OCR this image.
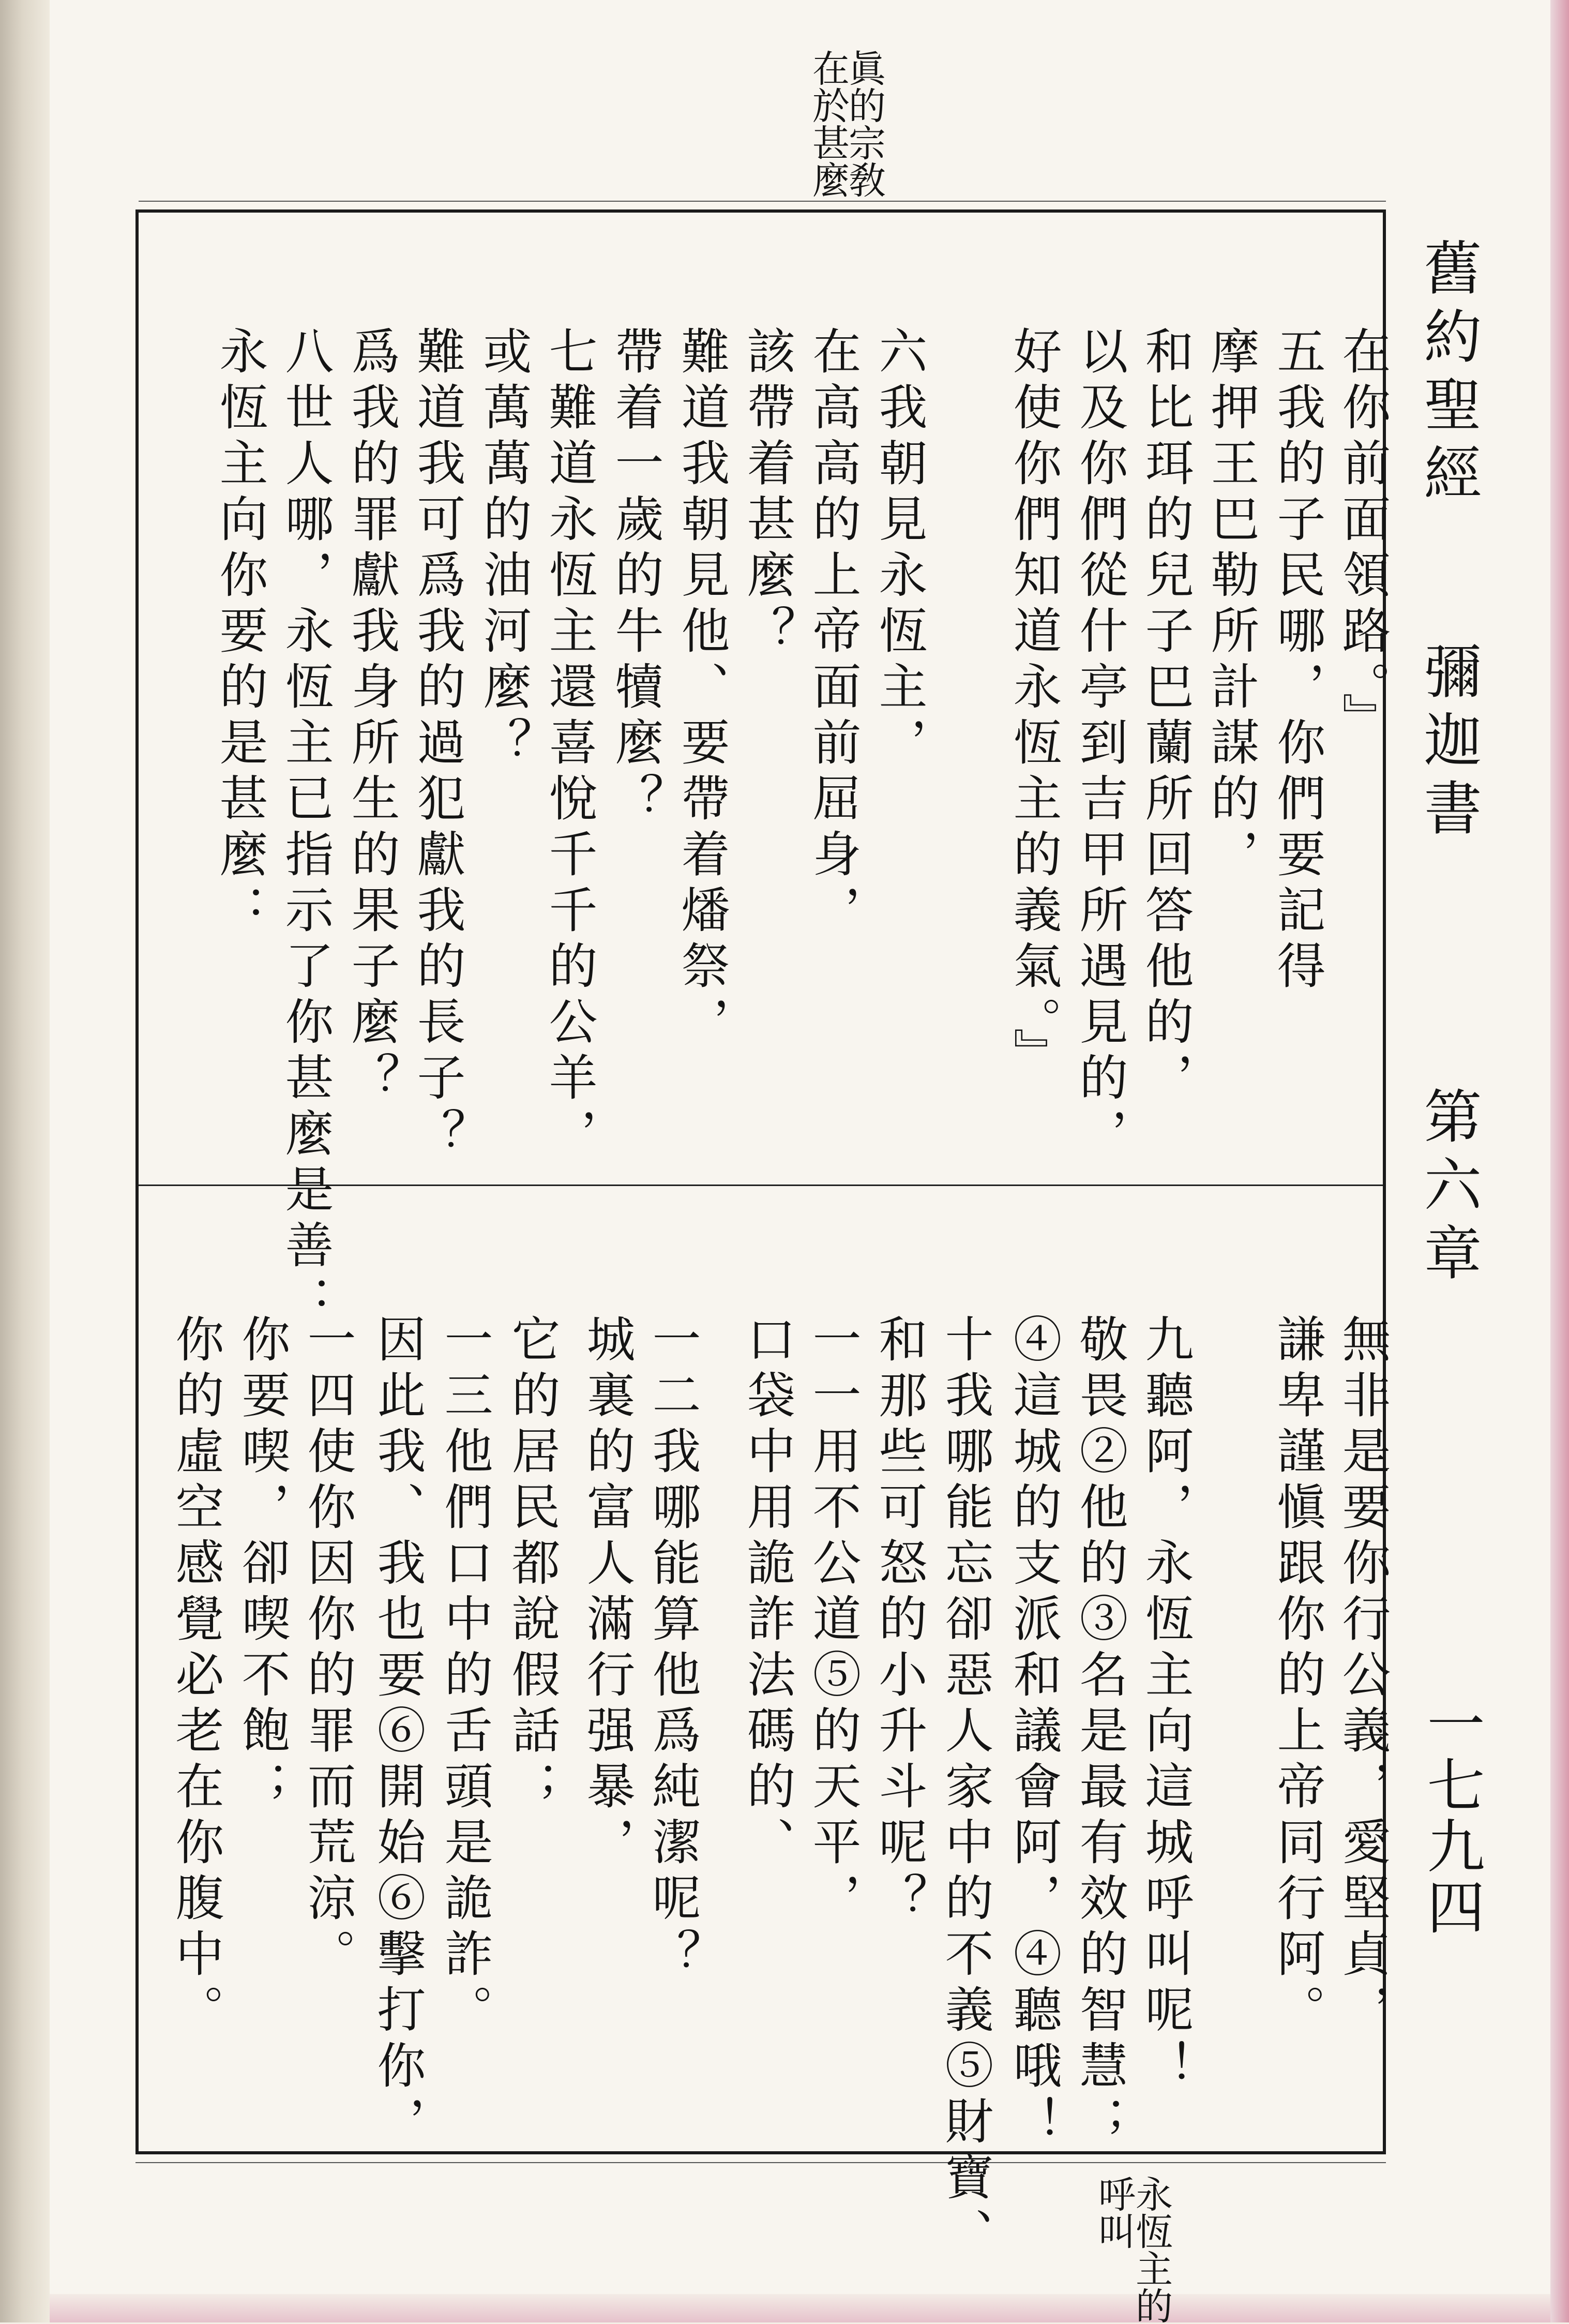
眞的宗敎
在於甚麼
舊約聖經
彌迦書
第六章
一七九四
在你前面領路。』
五我的子民哪，你們要記得
摩押王巴勒所計謀的，
和比珥的兒子巴蘭所回答他的，
以及你們從什亭到吉甲所遇見的，
好使你們知道永恆主的義氣。』
六我朝見永恆主，
在高高的上帝面前屈身，
該帶着甚麼？
難道我朝見他、要帶着燔祭，
帶着一歲的牛犢麼？
七難道永恆主還喜悅千千的公羊，
或萬萬的油河麼？
難道我可爲我的過犯獻我的長子？
爲我的罪獻我身所生的果子麼？
八世人哪，永恆主已指示了你甚麼是善：
永恆主向你要的是甚麼：
無非是要你行公義，愛堅貞，
謙卑謹愼跟你的上帝同行阿。
九聽阿，永恆主向這城呼叫呢！
敬畏②他的③名是最有效的智慧；
④這城的支派和議會阿，④聽哦！
十我哪能忘卻惡人家中的不義⑤財寶、
和那些可怒的小升斗呢？
一一用不公道⑤的天平，
口袋中用詭詐法碼的、
一二我哪能算他爲純潔呢？
城裏的富人滿行强暴，
它的居民都說假話；
一三他們口中的舌頭是詭詐。
因此我、我也要⑥開始⑥擊打你，
一四使你因你的罪而荒涼。
你要喫，卻喫不飽；
你的虛空感覺必老在你腹中。
永恆主的
呼叫
